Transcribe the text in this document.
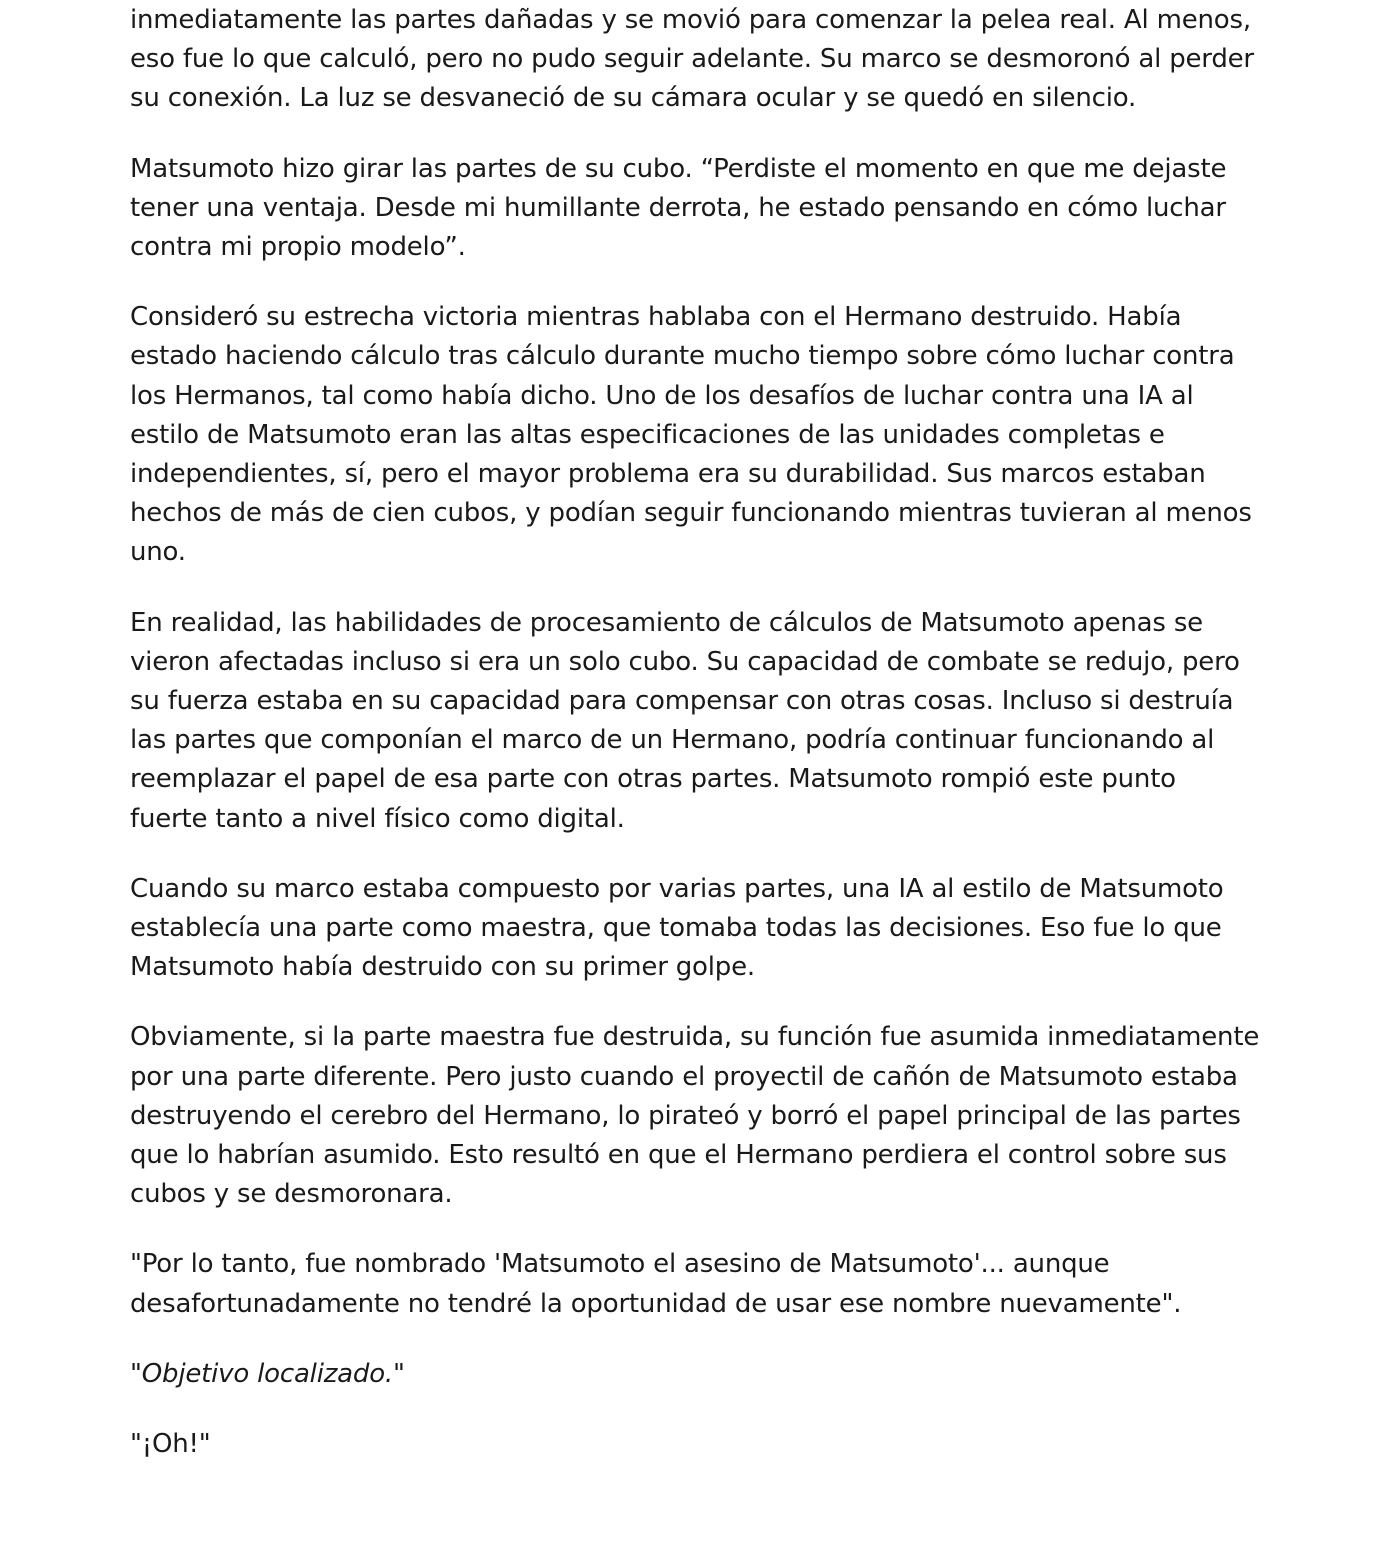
inmediatamente las partes dañadas y se movió para comenzar la pelea real. Al menos,
eso fue lo que calculó, pero no pudo seguir adelante. Su marco se desmoronó al perder
su conexión. La luz se desvaneció de su cámara ocular y se quedó en silencio.

Matsumoto hizo girar las partes de su cubo. “Perdiste el momento en que me dejaste
tener una ventaja. Desde mi humillante derrota, he estado pensando en cómo luchar
contra mi propio modelo”.

Consideró su estrecha victoria mientras hablaba con el Hermano destruido. Había
estado haciendo cálculo tras cálculo durante mucho tiempo sobre cómo luchar contra
los Hermanos, tal como había dicho. Uno de los desafíos de luchar contra una IA al
estilo de Matsumoto eran las altas especificaciones de las unidades completas e
independientes, sí, pero el mayor problema era su durabilidad. Sus marcos estaban
hechos de más de cien cubos, y podían seguir funcionando mientras tuvieran al menos
uno.

En realidad, las habilidades de procesamiento de cálculos de Matsumoto apenas se
vieron afectadas incluso si era un solo cubo. Su capacidad de combate se redujo, pero
su fuerza estaba en su capacidad para compensar con otras cosas. Incluso si destruía
las partes que componían el marco de un Hermano, podría continuar funcionando al
reemplazar el papel de esa parte con otras partes. Matsumoto rompió este punto
fuerte tanto a nivel físico como digital.

Cuando su marco estaba compuesto por varias partes, una IA al estilo de Matsumoto
establecía una parte como maestra, que tomaba todas las decisiones. Eso fue lo que
Matsumoto había destruido con su primer golpe.

Obviamente, si la parte maestra fue destruida, su función fue asumida inmediatamente
por una parte diferente. Pero justo cuando el proyectil de cañón de Matsumoto estaba
destruyendo el cerebro del Hermano, lo pirateó y borró el papel principal de las partes
que lo habrían asumido. Esto resultó en que el Hermano perdiera el control sobre sus
cubos y se desmoronara.

"Por lo tanto, fue nombrado 'Matsumoto el asesino de Matsumoto'... aunque
desafortunadamente no tendré la oportunidad de usar ese nombre nuevamente".

"Objetivo localizado."

"¡Oh!"
